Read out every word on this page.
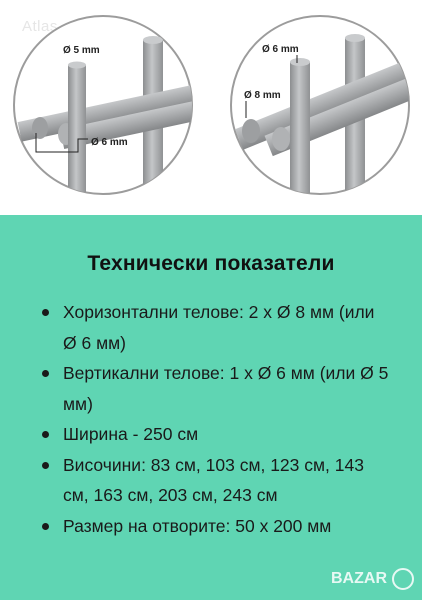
Atlas
Ø 5 mm
Ø 6 mm
Ø 6 mm
Ø 8 mm
Технически показатели
Хоризонтални телове: 2 x Ø 8 мм (или Ø 6 мм)
Вертикални телове: 1 x Ø 6 мм (или Ø 5 мм)
Ширина - 250 см
Височини: 83 см, 103 см, 123 см, 143 см, 163 см, 203 см, 243 см
Размер на отворите: 50 x 200 мм
BAZAR
